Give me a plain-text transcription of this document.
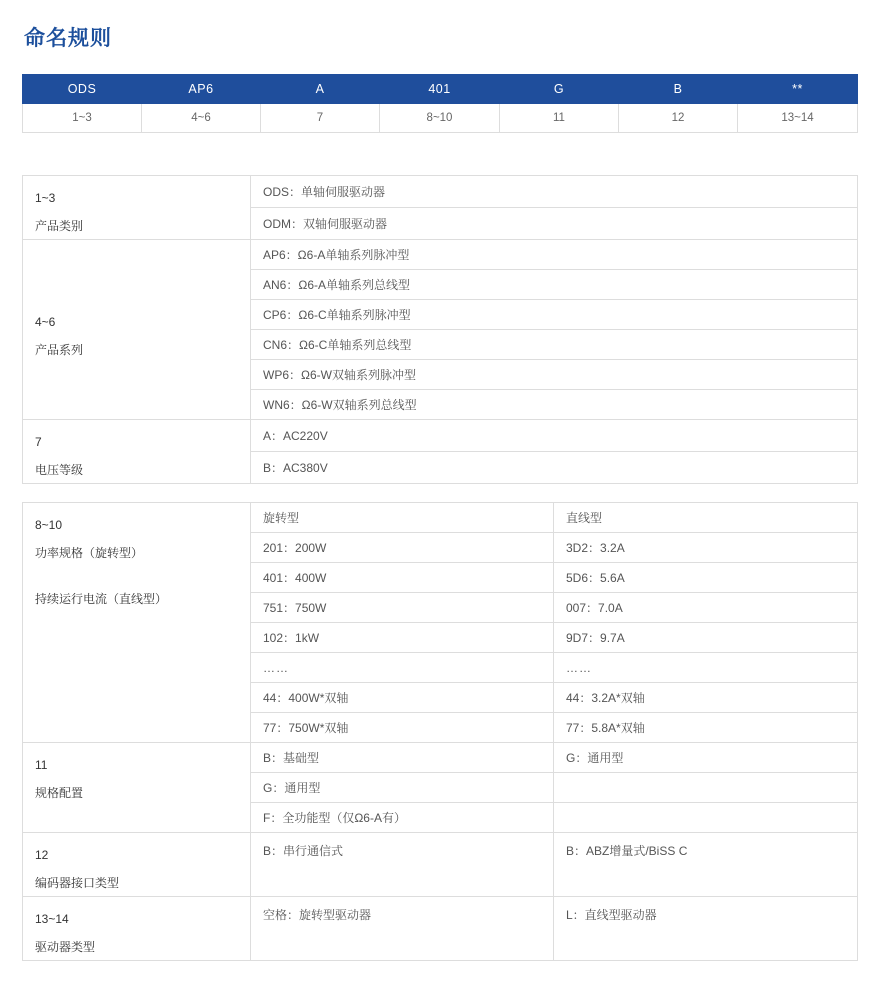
命名规则
ODS	AP6	A	401	G	B	**
1~3	4~6	7	8~10	11	12	13~14
1~3
产品类别	ODS：单轴伺服驱动器
	ODM：双轴伺服驱动器

4~6
产品系列	AP6：Ω6-A单轴系列脉冲型
	AN6：Ω6-A单轴系列总线型
	CP6：Ω6-C单轴系列脉冲型
	CN6：Ω6-C单轴系列总线型
	WP6：Ω6-W双轴系列脉冲型
	WN6：Ω6-W双轴系列总线型

7
电压等级	A：AC220V
	B：AC380V
8~10
功率规格（旋转型）
持续运行电流（直线型）	旋转型	直线型
	201：200W	3D2：3.2A
	401：400W	5D6：5.6A
	751：750W	007：7.0A
	102：1kW	9D7：9.7A
	……	……
	44：400W*双轴	44：3.2A*双轴
	77：750W*双轴	77：5.8A*双轴

11
规格配置	B：基础型	G：通用型
	G：通用型	
	F：全功能型（仅Ω6-A有）	

12
编码器接口类型	B：串行通信式	B：ABZ增量式/BiSS C

13~14
驱动器类型	空格：旋转型驱动器	L：直线型驱动器
